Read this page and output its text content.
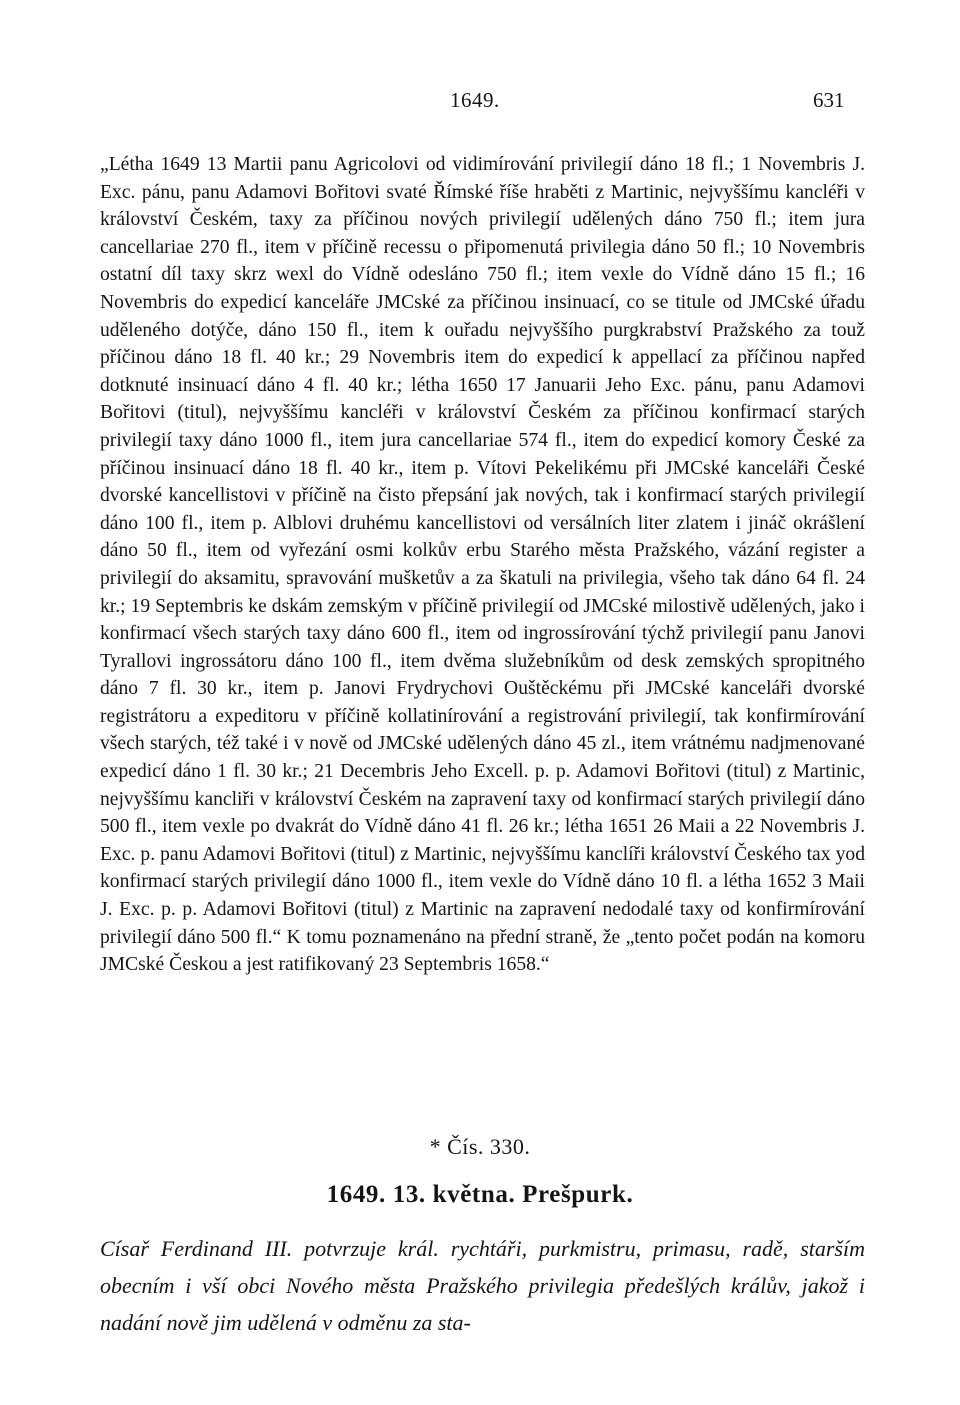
1649.	631

„Létha 1649 13 Martii panu Agricolovi od vidimírování privilegií dáno 18 fl.; 1 Novembris J. Exc. pánu, panu Adamovi Bořitovi svaté Římské říše hraběti z Martinic, nejvyššímu kancléři v království Českém, taxy za příčinou nových privilegií udělených dáno 750 fl.; item jura cancellariae 270 fl., item v příčině recessu o připomenutá privilegia dáno 50 fl.; 10 Novembris ostatní díl taxy skrz wexl do Vídně odesláno 750 fl.; item vexle do Vídně dáno 15 fl.; 16 Novembris do expedicí kanceláře JMCské za příčinou insinuací, co se titule od JMCské úřadu uděleného dotýče, dáno 150 fl., item k ouřadu nejvyššího purgkrabství Pražského za touž příčinou dáno 18 fl. 40 kr.; 29 Novembris item do expedicí k appellací za příčinou napřed dotknuté insinuací dáno 4 fl. 40 kr.; létha 1650 17 Januarii Jeho Exc. pánu, panu Adamovi Bořitovi (titul), nejvyššímu kancléři v království Českém za příčinou konfirmací starých privilegií taxy dáno 1000 fl., item jura cancellariae 574 fl., item do expedicí komory České za příčinou insinuací dáno 18 fl. 40 kr., item p. Vítovi Pekelikému při JMCské kanceláři České dvorské kancellistovi v příčině na čisto přepsání jak nových, tak i konfirmací starých privilegií dáno 100 fl., item p. Alblovi druhému kancellistovi od versálních liter zlatem i jináč okrášlení dáno 50 fl., item od vyřezání osmi kolkův erbu Starého města Pražského, vázání register a privilegií do aksamitu, spravování mušketův a za škatuli na privilegia, všeho tak dáno 64 fl. 24 kr.; 19 Septembris ke dskám zemským v příčině privilegií od JMCské milostivě udělených, jako i konfirmací všech starých taxy dáno 600 fl., item od ingrossírování týchž privilegií panu Janovi Tyrallovi ingrossátoru dáno 100 fl., item dvěma služebníkům od desk zemských spropitného dáno 7 fl. 30 kr., item p. Janovi Frydrychovi Ouštěckému při JMCské kanceláři dvorské registrátoru a expeditoru v příčině kollatinírování a registrování privilegií, tak konfirmírování všech starých, též také i v nově od JMCské udělených dáno 45 zl., item vrátnému nadjmenované expedicí dáno 1 fl. 30 kr.; 21 Decembris Jeho Excell. p. p. Adamovi Bořitovi (titul) z Martinic, nejvyššímu kancliři v království Českém na zapravení taxy od konfirmací starých privilegií dáno 500 fl., item vexle po dvakrát do Vídně dáno 41 fl. 26 kr.; létha 1651 26 Maii a 22 Novembris J. Exc. p. panu Adamovi Bořitovi (titul) z Martinic, nejvyššímu kanclíři království Českého tax yod konfirmací starých privilegií dáno 1000 fl., item vexle do Vídně dáno 10 fl. a létha 1652 3 Maii J. Exc. p. p. Adamovi Bořitovi (titul) z Martinic na zapravení nedodalé taxy od konfirmírování privilegií dáno 500 fl.“ K tomu poznamenáno na přední straně, že „tento počet podán na komoru JMCské Českou a jest ratifikovaný 23 Septembris 1658.“

* Čís. 330.
1649. 13. května. Prešpurk.

Císař Ferdinand III. potvrzuje král. rychtáři, purkmistru, primasu, radě, starším obecním i vší obci Nového města Pražského privilegia předešlých králův, jakož i nadání nově jim udělená v odměnu za sta-
